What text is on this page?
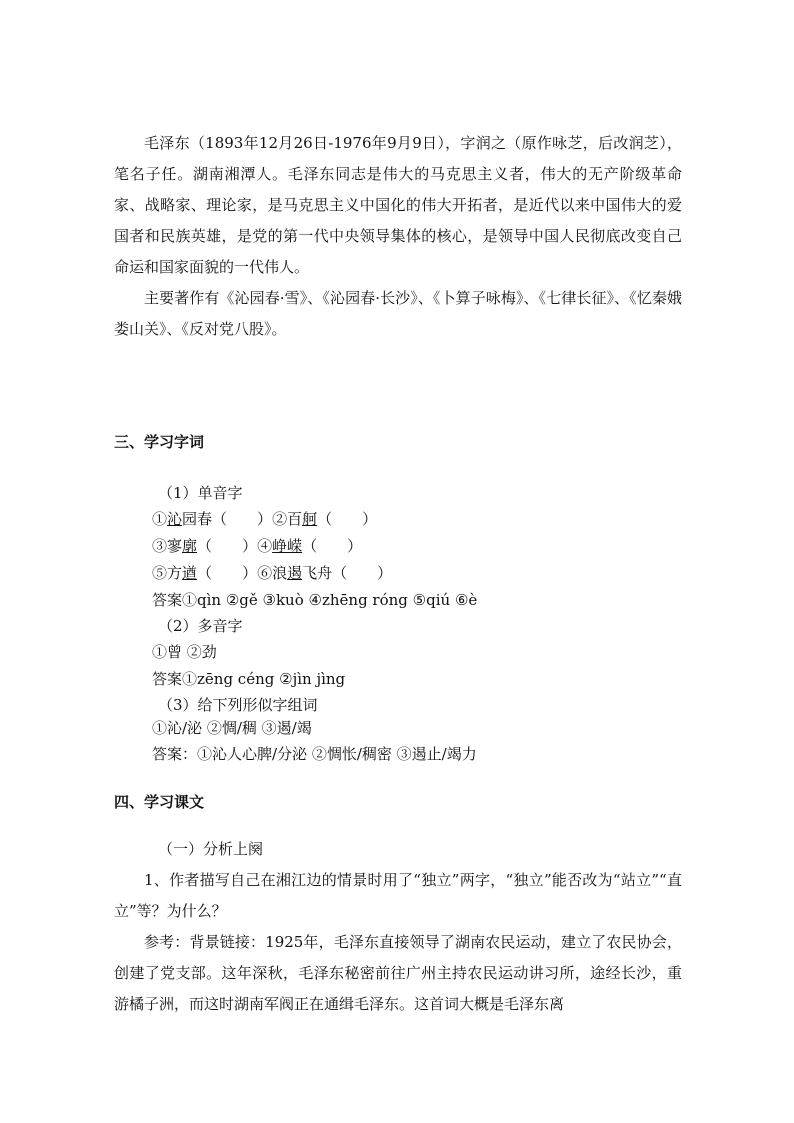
毛泽东（1893年12月26日-1976年9月9日），字润之（原作咏芝，后改润芝），笔名子任。湖南湘潭人。毛泽东同志是伟大的马克思主义者，伟大的无产阶级革命家、战略家、理论家，是马克思主义中国化的伟大开拓者，是近代以来中国伟大的爱国者和民族英雄，是党的第一代中央领导集体的核心，是领导中国人民彻底改变自己命运和国家面貌的一代伟人。

主要著作有《沁园春·雪》、《沁园春·长沙》、《卜算子咏梅》、《七律长征》、《忆秦娥娄山关》、《反对党八股》。

三、学习字词
（1）单音字
①沁园春（ ）②百舸（ ）
③寥廓（ ）④峥嵘（ ）
⑤方遒（ ）⑥浪遏飞舟（ ）
答案①qìn ②gě ③kuò ④zhēng róng ⑤qiú ⑥è
（2）多音字
①曾 ②劲
答案①zēng céng ②jìn jìng
（3）给下列形似字组词
①沁/泌 ②惆/稠 ③遏/竭
答案：①沁人心脾/分泌 ②惆怅/稠密 ③遏止/竭力
四、学习课文
（一）分析上阕

1、作者描写自己在湘江边的情景时用了“独立”两字，“独立”能否改为“站立”“直立”等？为什么？

参考：背景链接：1925年，毛泽东直接领导了湖南农民运动，建立了农民协会，创建了党支部。这年深秋，毛泽东秘密前往广州主持农民运动讲习所，途经长沙，重游橘子洲，而这时湖南军阀正在通缉毛泽东。这首词大概是毛泽东离
